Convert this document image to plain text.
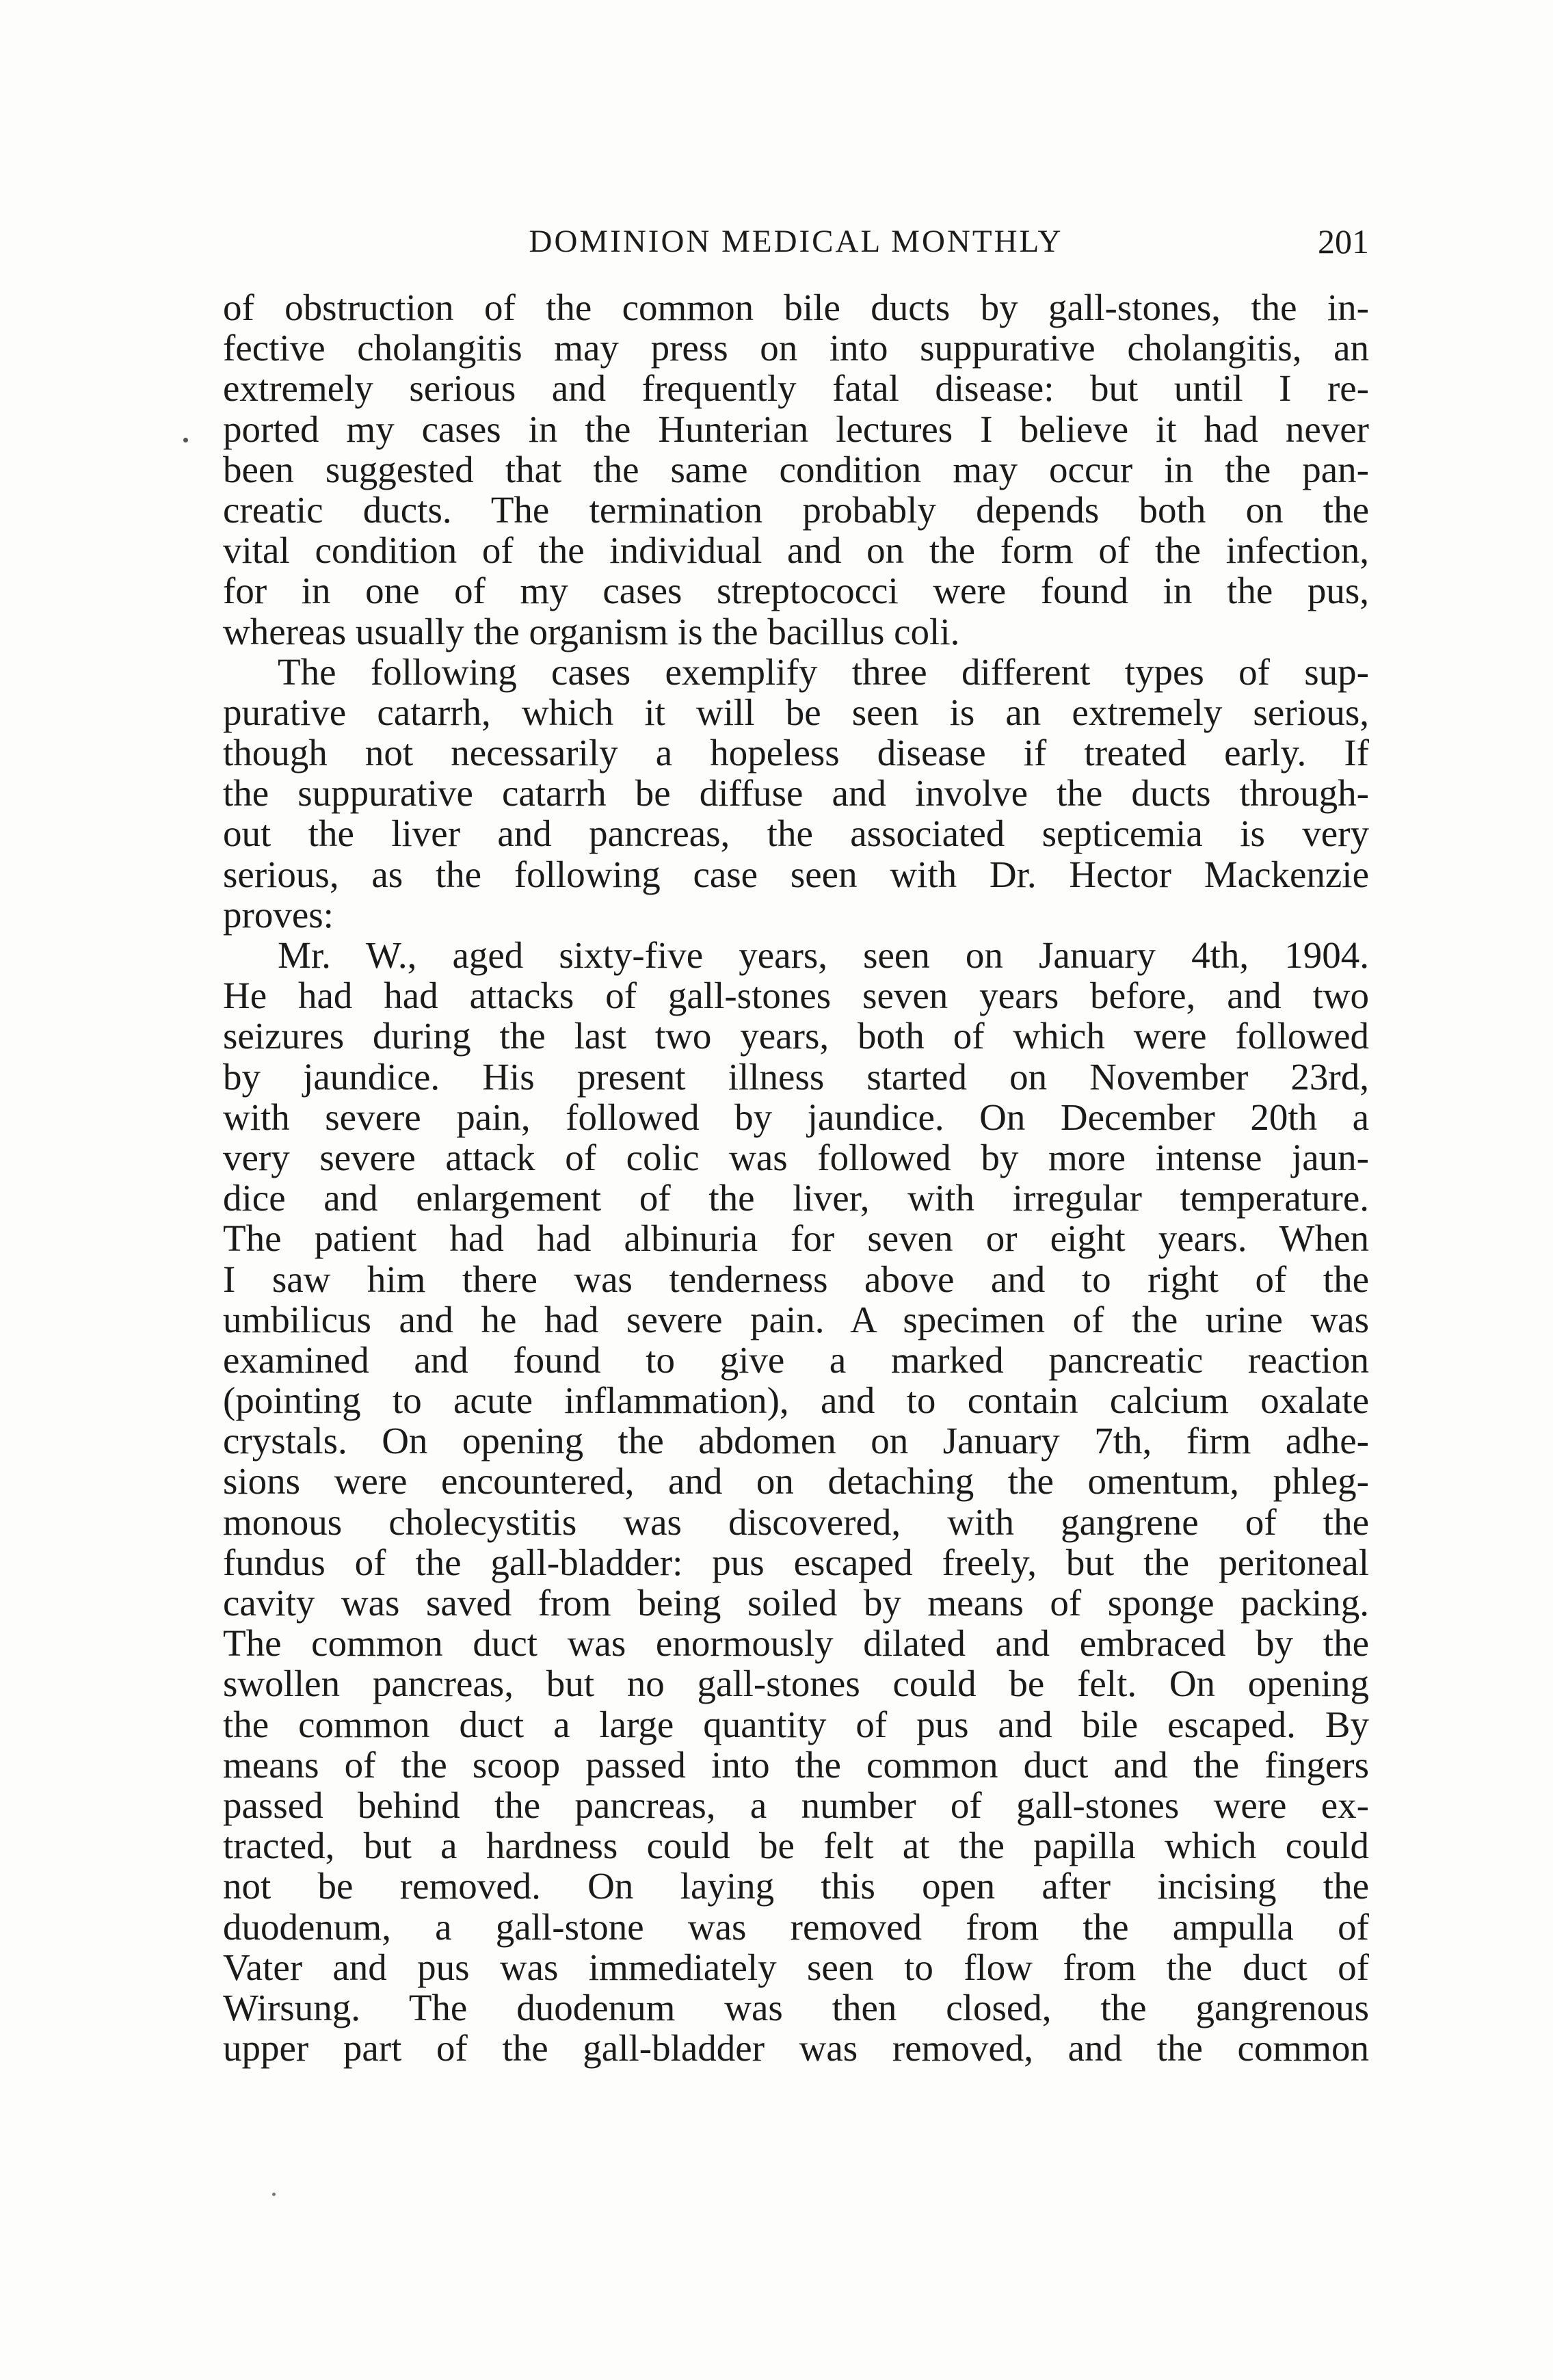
DOMINION MEDICAL MONTHLY	201
of obstruction of the common bile ducts by gall-stones, the in-
fective cholangitis may press on into suppurative cholangitis, an
extremely serious and frequently fatal disease: but until I re-
ported my cases in the Hunterian lectures I believe it had never
been suggested that the same condition may occur in the pan-
creatic ducts. The termination probably depends both on the
vital condition of the individual and on the form of the infection,
for in one of my cases streptococci were found in the pus,
whereas usually the organism is the bacillus coli.
The following cases exemplify three different types of sup-
purative catarrh, which it will be seen is an extremely serious,
though not necessarily a hopeless disease if treated early. If
the suppurative catarrh be diffuse and involve the ducts through-
out the liver and pancreas, the associated septicemia is very
serious, as the following case seen with Dr. Hector Mackenzie
proves:
Mr. W., aged sixty-five years, seen on January 4th, 1904.
He had had attacks of gall-stones seven years before, and two
seizures during the last two years, both of which were followed
by jaundice. His present illness started on November 23rd,
with severe pain, followed by jaundice. On December 20th a
very severe attack of colic was followed by more intense jaun-
dice and enlargement of the liver, with irregular temperature.
The patient had had albinuria for seven or eight years. When
I saw him there was tenderness above and to right of the
umbilicus and he had severe pain. A specimen of the urine was
examined and found to give a marked pancreatic reaction
(pointing to acute inflammation), and to contain calcium oxalate
crystals. On opening the abdomen on January 7th, firm adhe-
sions were encountered, and on detaching the omentum, phleg-
monous cholecystitis was discovered, with gangrene of the
fundus of the gall-bladder: pus escaped freely, but the peritoneal
cavity was saved from being soiled by means of sponge packing.
The common duct was enormously dilated and embraced by the
swollen pancreas, but no gall-stones could be felt. On opening
the common duct a large quantity of pus and bile escaped. By
means of the scoop passed into the common duct and the fingers
passed behind the pancreas, a number of gall-stones were ex-
tracted, but a hardness could be felt at the papilla which could
not be removed. On laying this open after incising the
duodenum, a gall-stone was removed from the ampulla of
Vater and pus was immediately seen to flow from the duct of
Wirsung. The duodenum was then closed, the gangrenous
upper part of the gall-bladder was removed, and the common
